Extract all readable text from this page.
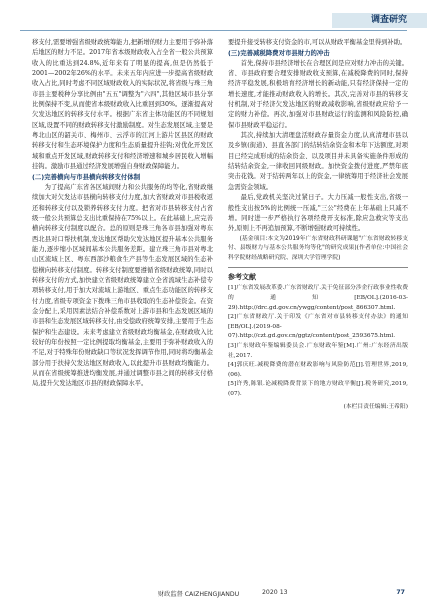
调查研究

移支付,需要增强省级财政统筹能力,把新增的财力主要用于弥补落后地区的财力不足。2017年省本级财政收入占全省一般公共预算收入的比重达到24.8%,近年来有了明显的提高,但是仍然低于2001—2002年26%的水平。未来五年内应进一步提高省级财政收入占比,同时考虑不同区域财政收入的实际状况,将省级与珠三角市县主要税种分享比例由"五五"调整为"六四",其他区域市县分享比例保持不变,从而使省本级财政收入比重回到30%。逐渐提高对欠发达地区的转移支付水平。根据广东省主体功能区的不同规划区域,设置不同的财政转移支付激励制度。对生态发展区域,主要是粤北山区的韶关市、梅州市、云浮市的江河上游片区县区的财政转移支付和生态环境保护力度和生态质量提升挂钩;对优化开发区域和重点开发区域,财政转移支付和经济增速和城乡居民收入增幅挂钩。激励市县通过经济发展增强自身财政保障能力。

(二)完善横向与市县横向转移支付体制

为了提高广东省各区域间财力和公共服务的均等化,省财政继续加大对欠发达市县横向转移支付力度,加大省财政对市县税收返还和转移支付以及锁养转移支付力度。把省对市县转移支付占省级一般公共预算总支出比重保持在75%以上。在此基础上,应完善横向转移支付制度以配合。总的原则是珠三角各市县加强对粤东西北县对口帮扶机制,发达地区帮助欠发达地区提升基本公共服务能力,逐步缩小区域间基本公共服务差距。建立珠三角市县对粤北山区流域上区、粤东西部沙粮食生产县等生态发展区域的生态补偿横向转移支付制度。转移支付制度要遵循省级财政统筹,同时以转移支付的方式,加快建立省级财政统筹建立全省流域生态补偿专项转移支付,用于加大对流域上游地区、重点生态功能区的转移支付力度,省级专项资金下拨珠三角市县收取的生态补偿资金。在资金分配上,采用因素法结合补偿系数对上游市县和生态发展区域的市县和生态发展区域转移支付,由受偿政府统筹安排,主要用于生态保护和生态建设。未来考虑建立省级财政均衡基金,在财政收入比较好的年份按照一定比例提取均衡基金,主要用于弥补财政收入的不足,对于特殊年份财政缺口等状况发挥调节作用,同时将均衡基金部分用于扶持欠发达地区财政收入,以此提升市县财政均衡能力。从而在省级统筹推进均衡发展,并通过调整市县之间的转移支付格局,提升欠发达地区市县的财政保障水平。

要提升接受转移支付资金的市,可以从财政平衡基金里得到补助。

(三)完善减税降费对市县财力的冲击

首先,保持市县经济增长在合理区间是应对财力冲击的关键。省、市县政府要合理安排财政收支预算,在减税降费的同时,保持经济平稳发展,积极培育经济增长的新动能,只有经济保持一定的增长速度,才能推动财政收入的增长。其次,完善对市县的转移支付机制,对于经济欠发达地区的财政减收影响,省级财政应给予一定的财力补偿。再次,加强对市县财政运行的监测和风险防控,确保市县财政平稳运行。

其次,持续加大清理盘活财政存量资金力度,认真清理市县以及乡镇(街道)、县直各部门的结转结余资金和本年下达额度,对项目已经完成形成的结余资金、以及项目并未具备实施条件形成的结转结余资金,一律收回同级财政。加快资金拨付进度,严禁年底突击花钱。对于结转两年以上的资金,一律统筹用于经济社会发展急需资金领域。

最后,党政机关坚决过紧日子。大力压减一般性支出,省级一般性支出按5%的比例统一压减,"三公"经费在上年基础上只减不增。同时进一步严格执行各项经费开支标准,除应急救灾等支出外,原则上不再追加预算,不断增强财政可持续性。

(基金项目:本文为2019年广东省财政科研课题"广东省财政转移支付、县级财力与基本公共服务均等化"的研究成果)(作者单位:中国社会科学院财经战略研究院、深圳大学管理学院)

参考文献

[1]广东省发展改革委.广东省财政厅.关于免征部分涉企行政事业性收费的通知[EB/OL].(2016-03-29).http://drc.gd.gov.cn/ywgg/content/post_866307.html.

[2]广东省财政厅.关于印发《广东省对市县转移支付办法》的通知[EB/OL].(2019-08-07).http://czt.gd.gov.cn/ggtz/content/post_2593675.html.

[3]广东财政年鉴编辑委员会.广东财政年鉴[M].广州:广东经济出版社,2017.

[4]郭庆旺.减税降费的潜在财政影响与风险防范[J].管理世界,2019,(06).

[5]许秀,陈银.论减税降费背景下的地方财政平衡[J].税务研究,2019,(07).

(本栏目责任编辑:王希阳)

财政监督 CAIZHENGJIANDU	2020 13	77
